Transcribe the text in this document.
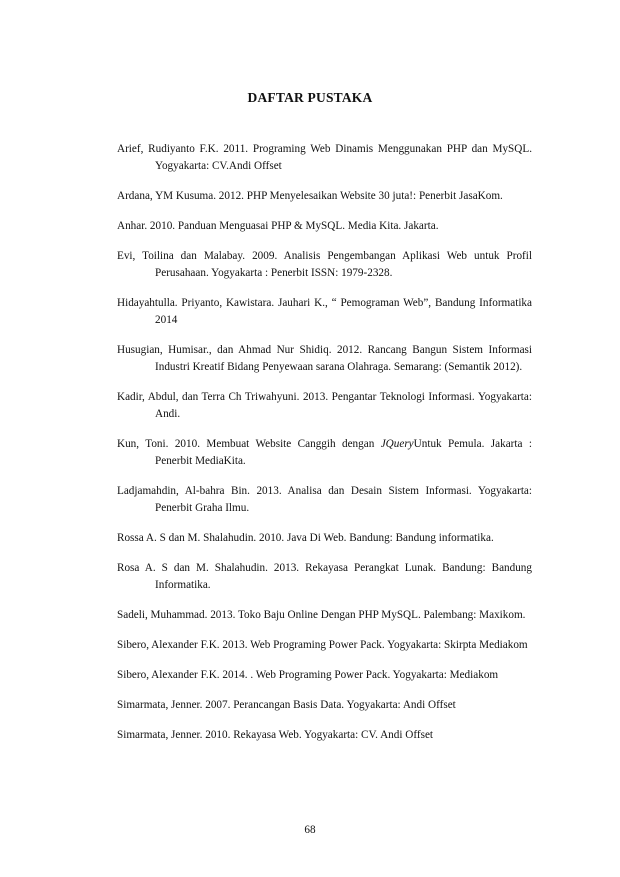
DAFTAR PUSTAKA
Arief, Rudiyanto F.K. 2011. Programing Web Dinamis Menggunakan PHP dan MySQL. Yogyakarta: CV.Andi Offset
Ardana, YM Kusuma. 2012. PHP Menyelesaikan Website 30 juta!: Penerbit JasaKom.
Anhar. 2010. Panduan Menguasai PHP & MySQL. Media Kita. Jakarta.
Evi, Toilina dan Malabay. 2009. Analisis Pengembangan Aplikasi Web untuk Profil Perusahaan. Yogyakarta : Penerbit ISSN: 1979-2328.
Hidayahtulla. Priyanto, Kawistara. Jauhari K., “ Pemograman Web”, Bandung Informatika 2014
Husugian, Humisar., dan Ahmad Nur Shidiq. 2012. Rancang Bangun Sistem Informasi Industri Kreatif Bidang Penyewaan sarana Olahraga. Semarang: (Semantik 2012).
Kadir, Abdul, dan Terra Ch Triwahyuni. 2013. Pengantar Teknologi Informasi. Yogyakarta: Andi.
Kun, Toni. 2010. Membuat Website Canggih dengan JQueryUntuk Pemula. Jakarta : Penerbit MediaKita.
Ladjamahdin, Al-bahra Bin. 2013. Analisa dan Desain Sistem Informasi. Yogyakarta: Penerbit Graha Ilmu.
Rossa A. S dan M. Shalahudin. 2010. Java Di Web. Bandung: Bandung informatika.
Rosa A. S dan M. Shalahudin. 2013. Rekayasa Perangkat Lunak. Bandung: Bandung Informatika.
Sadeli, Muhammad. 2013. Toko Baju Online Dengan PHP MySQL. Palembang: Maxikom.
Sibero, Alexander F.K. 2013. Web Programing Power Pack. Yogyakarta: Skirpta Mediakom
Sibero, Alexander F.K. 2014. . Web Programing Power Pack. Yogyakarta: Mediakom
Simarmata, Jenner. 2007. Perancangan Basis Data. Yogyakarta: Andi Offset
Simarmata, Jenner. 2010. Rekayasa Web. Yogyakarta: CV. Andi Offset
68
